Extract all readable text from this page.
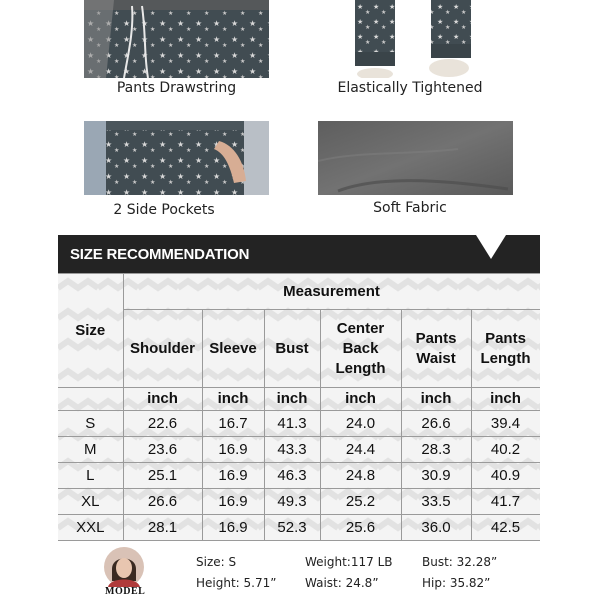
Pants Drawstring	Elastically Tightened
2 Side Pockets	Soft Fabric
SIZE RECOMMENDATION
Size	Measurement					
	Shoulder	Sleeve	Bust	Center Back Length	Pants Waist	Pants Length
	inch	inch	inch	inch	inch	inch
S	22.6	16.7	41.3	24.0	26.6	39.4
M	23.6	16.9	43.3	24.4	28.3	40.2
L	25.1	16.9	46.3	24.8	30.9	40.9
XL	26.6	16.9	49.3	25.2	33.5	41.7
XXL	28.1	16.9	52.3	25.6	36.0	42.5
MODEL
Size: S
Height: 5.71”
Weight:117 LB
Waist: 24.8”
Bust: 32.28”
Hip: 35.82”
